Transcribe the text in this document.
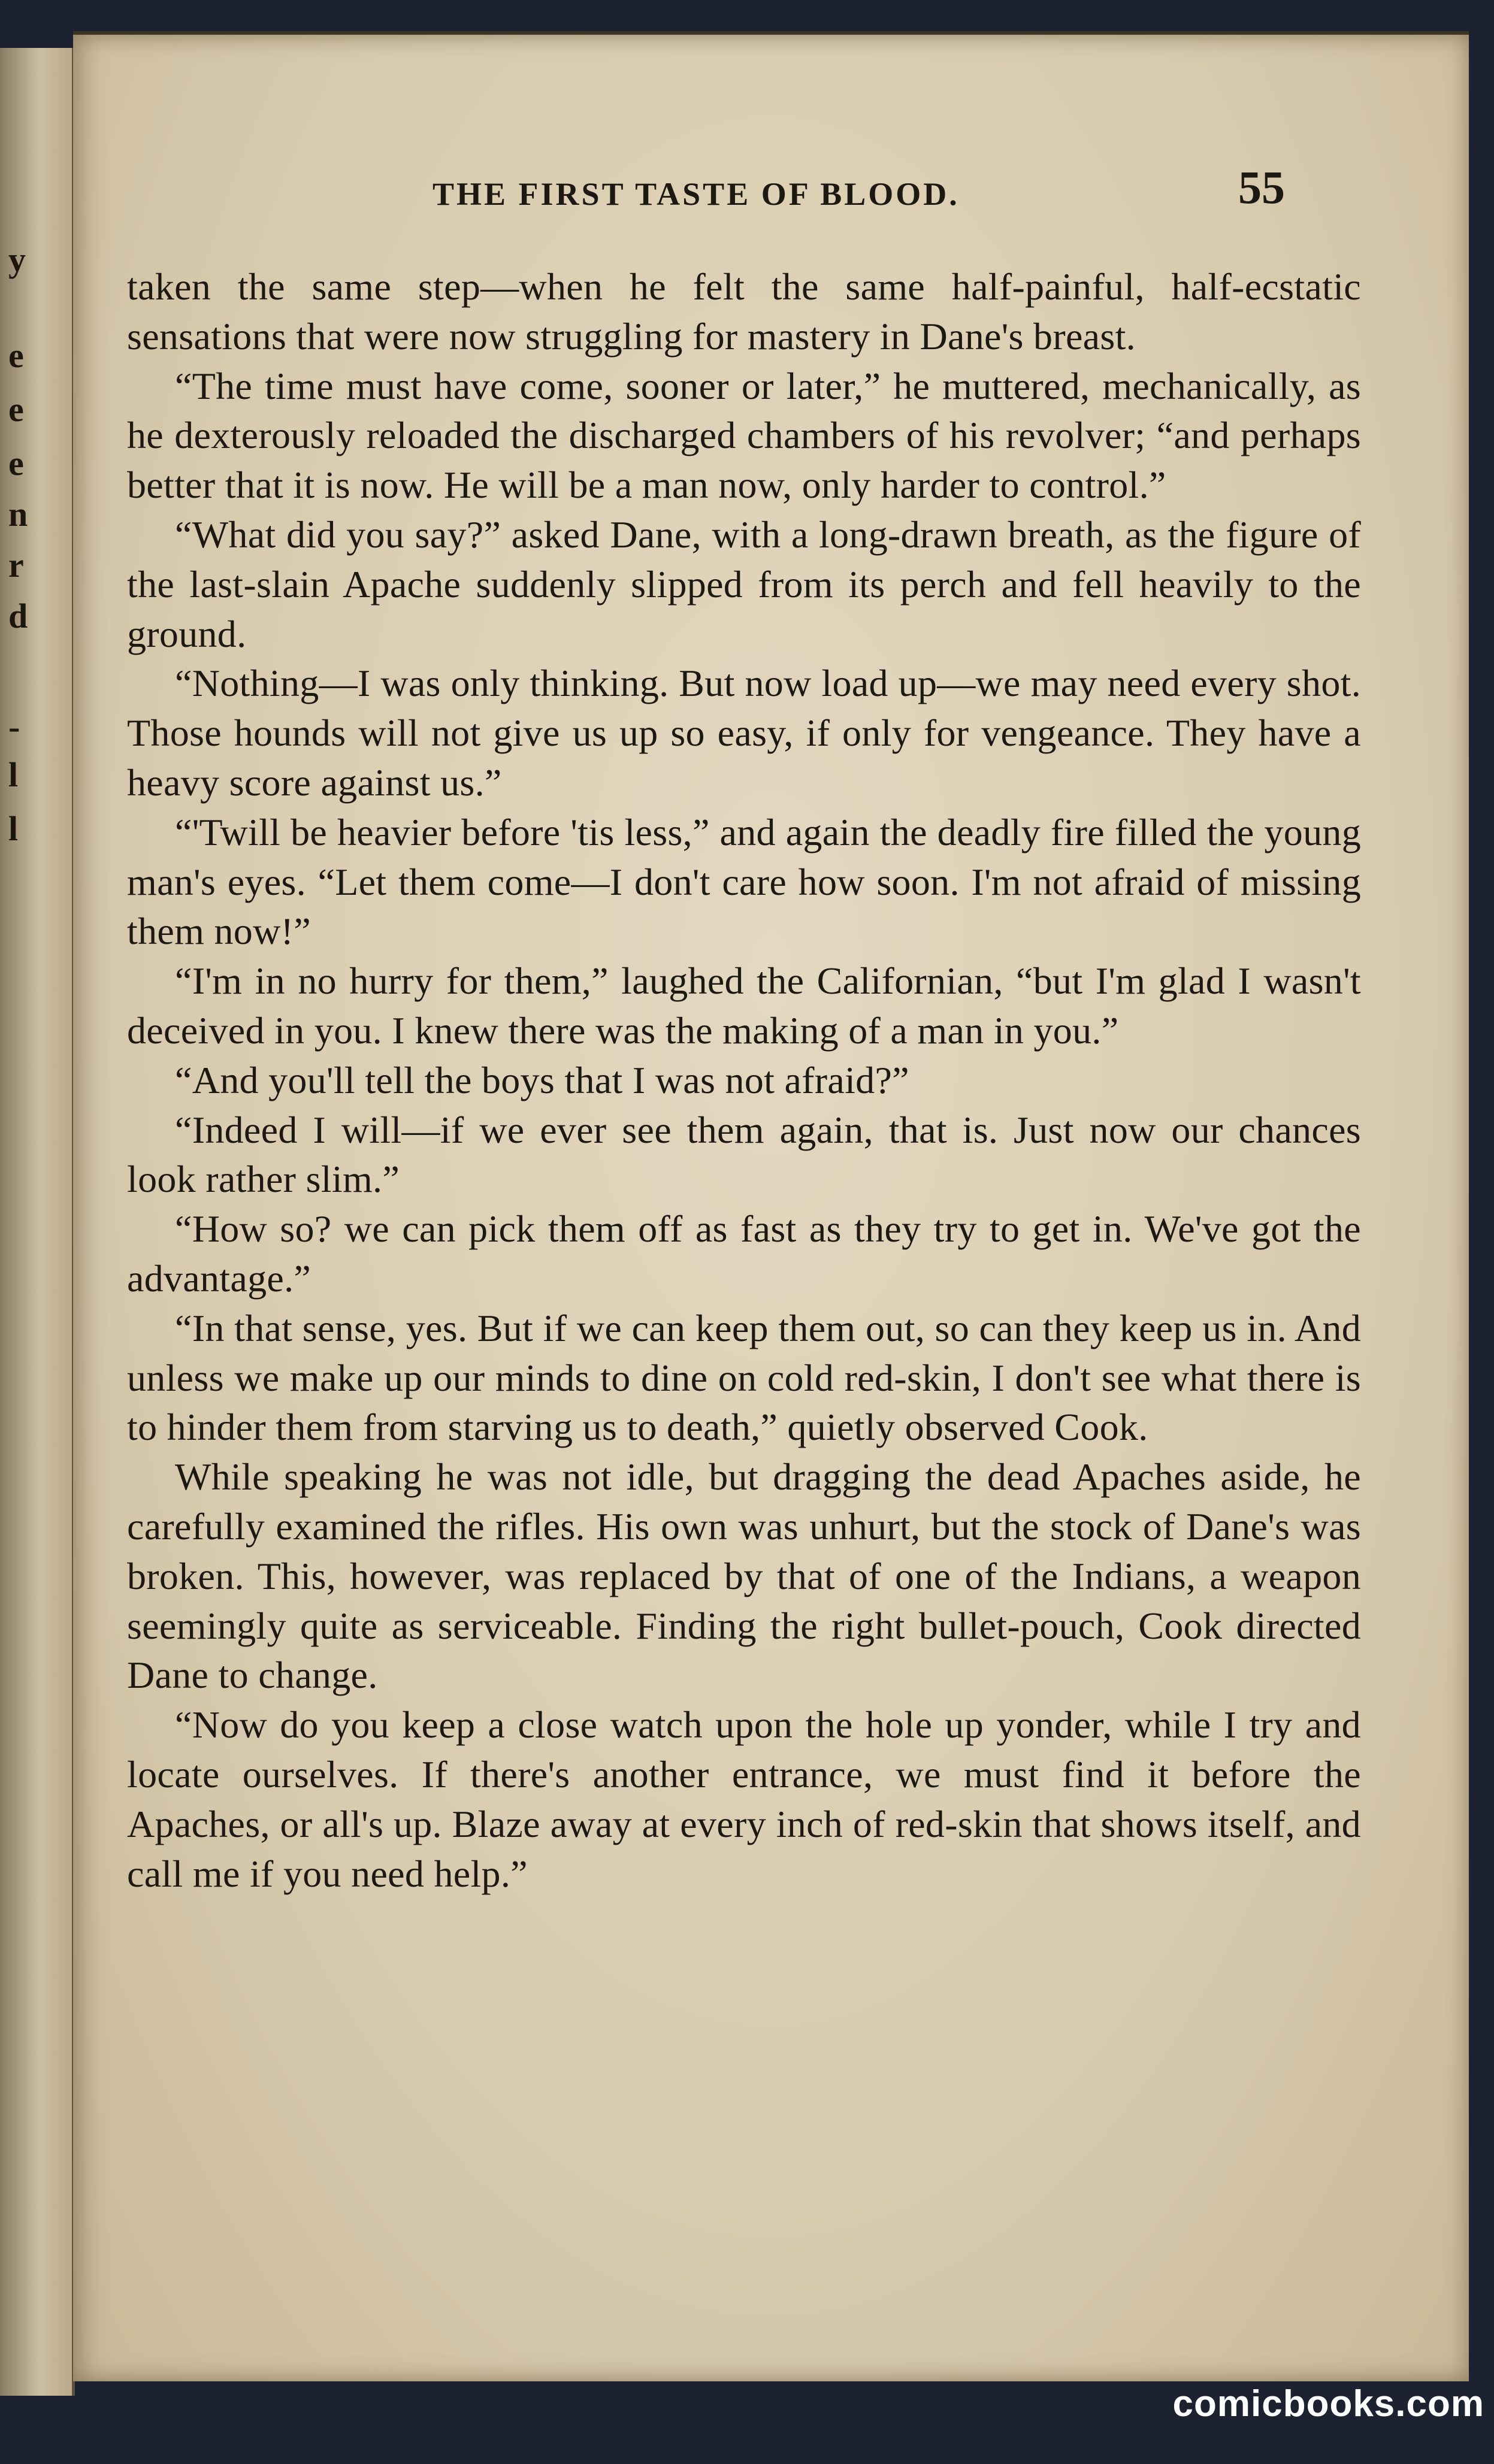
y
e
e
e
n
r
d
-
l
l
THE FIRST TASTE OF BLOOD.	55

taken the same step—when he felt the same half-painful, half-ecstatic sensations that were now struggling for mastery in Dane's breast.

“The time must have come, sooner or later,” he muttered, mechanically, as he dexterously reloaded the discharged chambers of his revolver; “and perhaps better that it is now. He will be a man now, only harder to control.”

“What did you say?” asked Dane, with a long-drawn breath, as the figure of the last-slain Apache suddenly slipped from its perch and fell heavily to the ground.

“Nothing—I was only thinking. But now load up—we may need every shot. Those hounds will not give us up so easy, if only for vengeance. They have a heavy score against us.”

“'Twill be heavier before 'tis less,” and again the deadly fire filled the young man's eyes. “Let them come—I don't care how soon. I'm not afraid of missing them now!”

“I'm in no hurry for them,” laughed the Californian, “but I'm glad I wasn't deceived in you. I knew there was the making of a man in you.”

“And you'll tell the boys that I was not afraid?”

“Indeed I will—if we ever see them again, that is. Just now our chances look rather slim.”

“How so? we can pick them off as fast as they try to get in. We've got the advantage.”

“In that sense, yes. But if we can keep them out, so can they keep us in. And unless we make up our minds to dine on cold red-skin, I don't see what there is to hinder them from starving us to death,” quietly observed Cook.

While speaking he was not idle, but dragging the dead Apaches aside, he carefully examined the rifles. His own was unhurt, but the stock of Dane's was broken. This, however, was replaced by that of one of the Indians, a weapon seemingly quite as serviceable. Finding the right bullet-pouch, Cook directed Dane to change.

“Now do you keep a close watch upon the hole up yonder, while I try and locate ourselves. If there's another entrance, we must find it before the Apaches, or all's up. Blaze away at every inch of red-skin that shows itself, and call me if you need help.”

comicbooks.com
